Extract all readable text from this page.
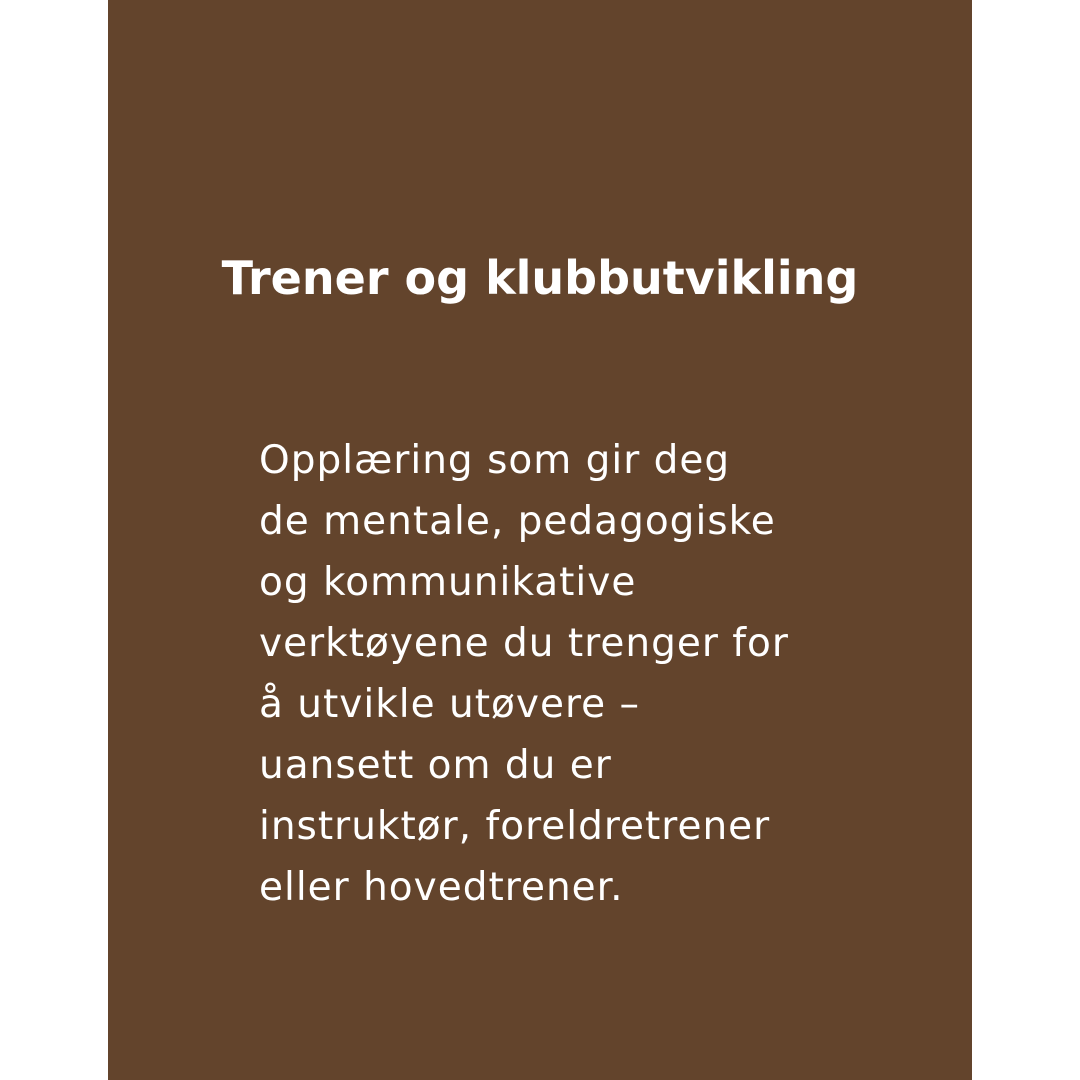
Trener og klubbutvikling

Opplæring som gir deg
de mentale, pedagogiske
og kommunikative
verktøyene du trenger for
å utvikle utøvere –
uansett om du er
instruktør, foreldretrener
eller hovedtrener.
